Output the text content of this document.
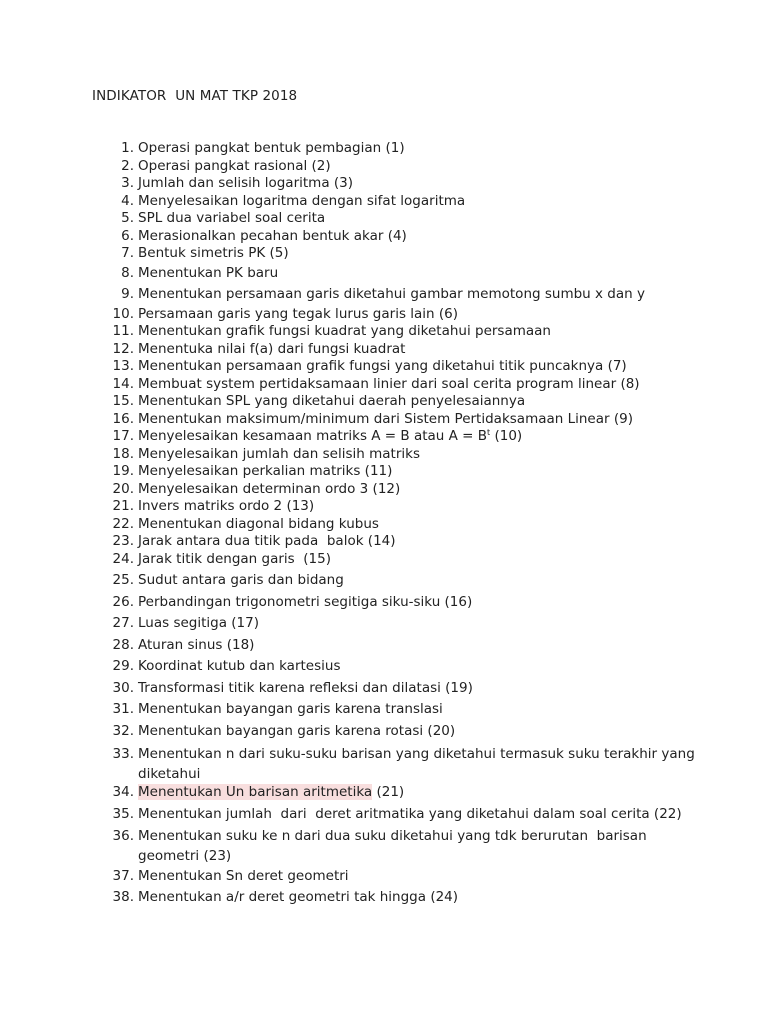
INDIKATOR  UN MAT TKP 2018
1. Operasi pangkat bentuk pembagian (1)
2. Operasi pangkat rasional (2)
3. Jumlah dan selisih logaritma (3)
4. Menyelesaikan logaritma dengan sifat logaritma
5. SPL dua variabel soal cerita
6. Merasionalkan pecahan bentuk akar (4)
7. Bentuk simetris PK (5)
8. Menentukan PK baru
9. Menentukan persamaan garis diketahui gambar memotong sumbu x dan y
10. Persamaan garis yang tegak lurus garis lain (6)
11. Menentukan grafik fungsi kuadrat yang diketahui persamaan
12. Menentuka nilai f(a) dari fungsi kuadrat
13. Menentukan persamaan grafik fungsi yang diketahui titik puncaknya (7)
14. Membuat system pertidaksamaan linier dari soal cerita program linear (8)
15. Menentukan SPL yang diketahui daerah penyelesaiannya
16. Menentukan maksimum/minimum dari Sistem Pertidaksamaan Linear (9)
17. Menyelesaikan kesamaan matriks A = B atau $A = B^t$ (10)
18. Menyelesaikan jumlah dan selisih matriks
19. Menyelesaikan perkalian matriks (11)
20. Menyelesaikan determinan ordo 3 (12)
21. Invers matriks ordo 2 (13)
22. Menentukan diagonal bidang kubus
23. Jarak antara dua titik pada  balok (14)
24. Jarak titik dengan garis  (15)
25. Sudut antara garis dan bidang
26. Perbandingan trigonometri segitiga siku-siku (16)
27. Luas segitiga (17)
28. Aturan sinus (18)
29. Koordinat kutub dan kartesius
30. Transformasi titik karena refleksi dan dilatasi (19)
31. Menentukan bayangan garis karena translasi
32. Menentukan bayangan garis karena rotasi (20)
33. Menentukan n dari suku-suku barisan yang diketahui termasuk suku terakhir yang diketahui
34. Menentukan Un barisan aritmetika (21)
35. Menentukan jumlah  dari  deret aritmatika yang diketahui dalam soal cerita (22)
36. Menentukan suku ke n dari dua suku diketahui yang tdk berurutan  barisan geometri (23)
37. Menentukan Sn deret geometri
38. Menentukan a/r deret geometri tak hingga (24)
